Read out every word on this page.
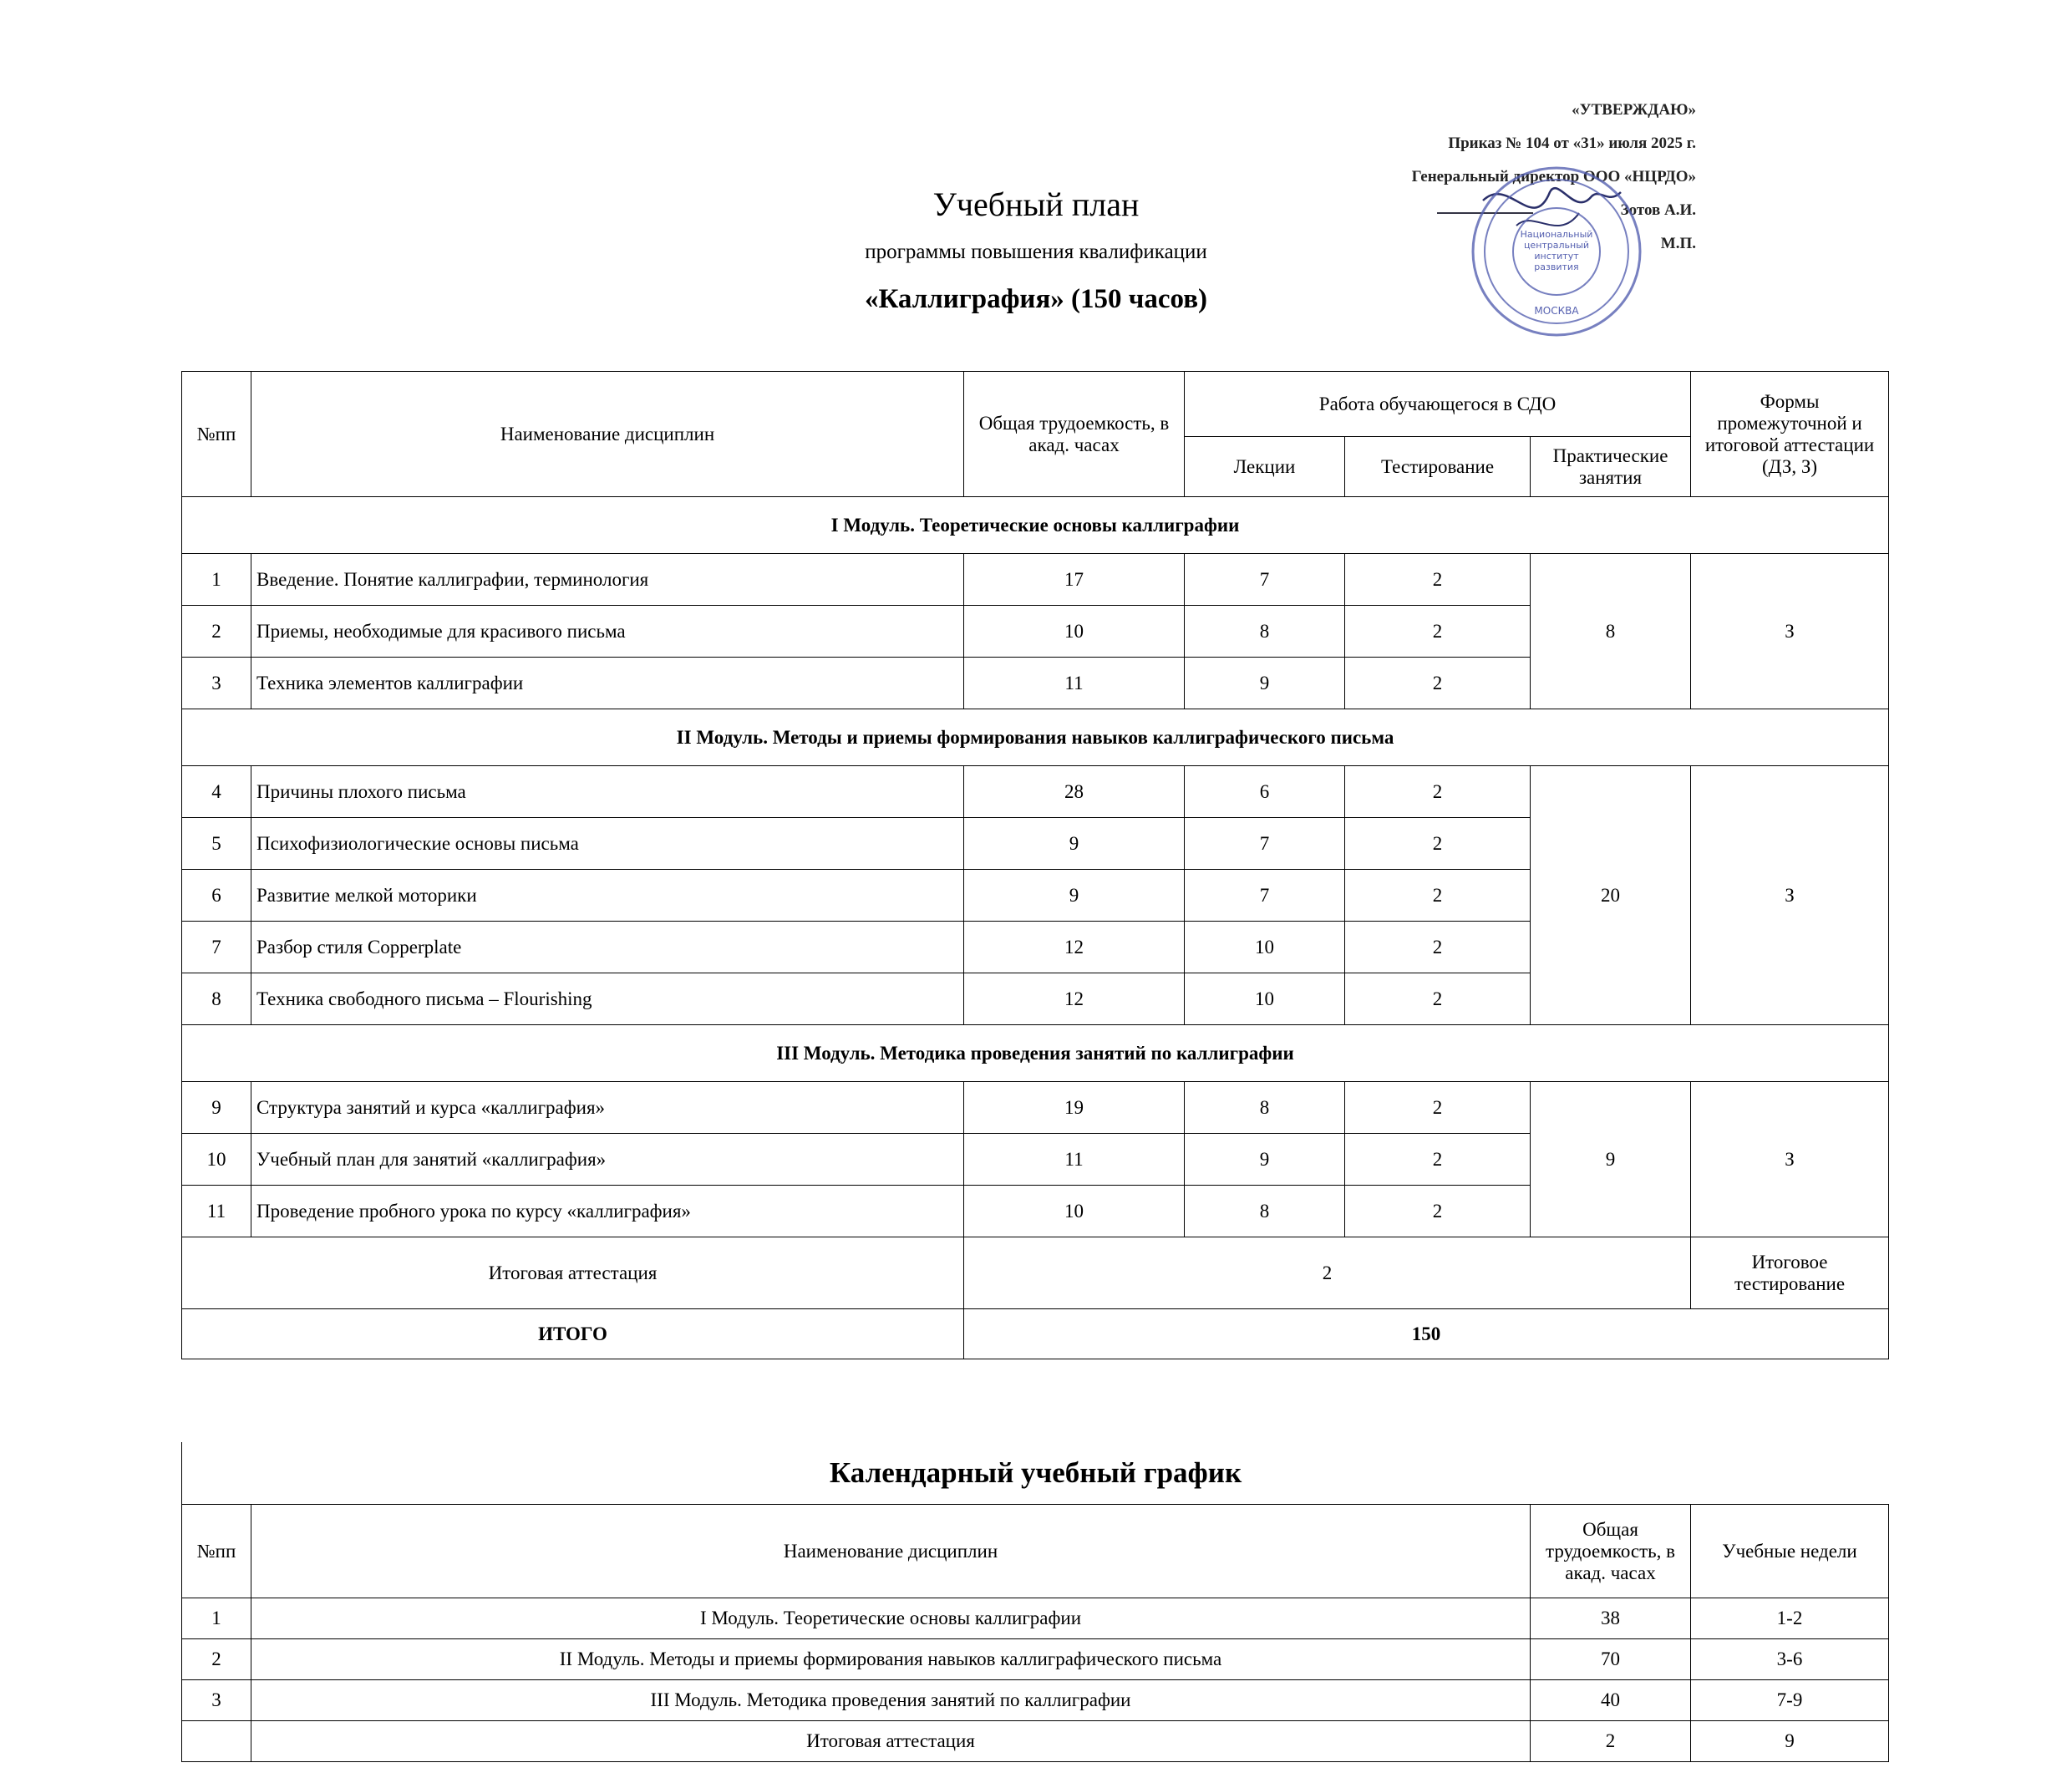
«УТВЕРЖДАЮ»
Приказ № 104 от «31» июля 2025 г.
Генеральный директор ООО «НЦРДО»
Зотов А.И.
М.П.
Национальный
центральный
институт
развития
МОСКВА
Учебный план
программы повышения квалификации
«Каллиграфия» (150 часов)
№пп	Наименование дисциплин	Общая трудоемкость, в акад. часах	Работа обучающегося в СДО			Формы промежуточной и итоговой аттестации (ДЗ, З)
			Лекции	Тестирование	Практические занятия	
I Модуль. Теоретические основы каллиграфии						
1	Введение. Понятие каллиграфии, терминология	17	7	2	8	З
2	Приемы, необходимые для красивого письма	10	8	2		
3	Техника элементов каллиграфии	11	9	2		
II Модуль. Методы и приемы формирования навыков каллиграфического письма						
4	Причины плохого письма	28	6	2	20	З
5	Психофизиологические основы письма	9	7	2		
6	Развитие мелкой моторики	9	7	2		
7	Разбор стиля Copperplate	12	10	2		
8	Техника свободного письма – Flourishing	12	10	2		
III Модуль. Методика проведения занятий по каллиграфии						
9	Структура занятий и курса «каллиграфия»	19	8	2	9	З
10	Учебный план для занятий «каллиграфия»	11	9	2		
11	Проведение пробного урока по курсу «каллиграфия»	10	8	2		
Итоговая аттестация		2				Итоговое тестирование
ИТОГО		150				
Календарный учебный график
№пп	Наименование дисциплин	Общая трудоемкость, в акад. часах	Учебные недели
1	I Модуль. Теоретические основы каллиграфии	38	1-2
2	II Модуль. Методы и приемы формирования навыков каллиграфического письма	70	3-6
3	III Модуль. Методика проведения занятий по каллиграфии	40	7-9
	Итоговая аттестация	2	9
